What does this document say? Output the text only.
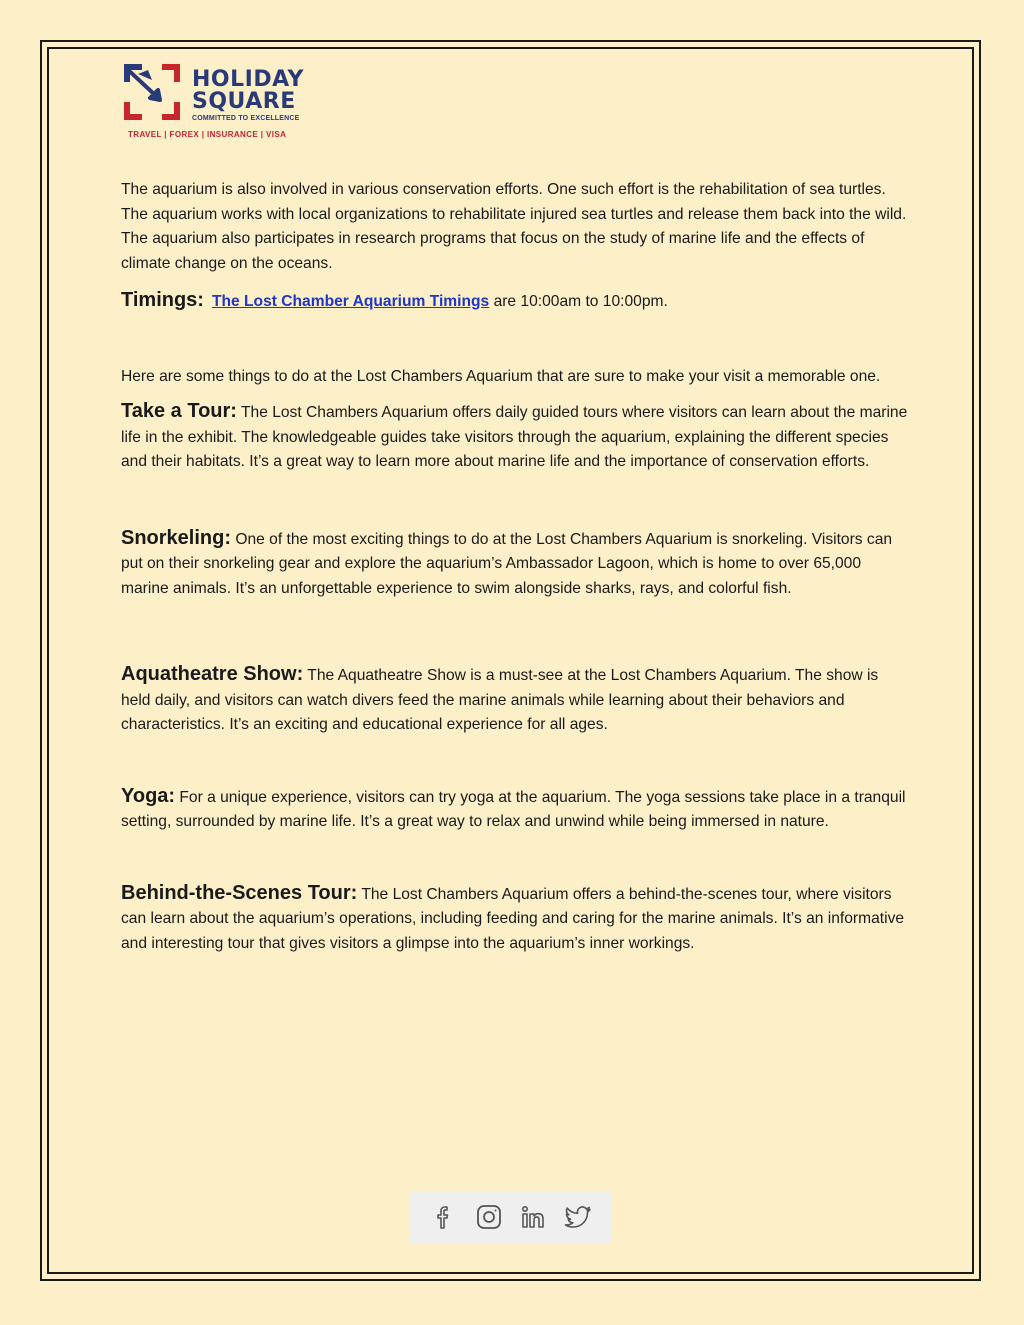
HOLIDAY
SQUARE
COMMITTED TO EXCELLENCE
TRAVEL | FOREX | INSURANCE | VISA

The aquarium is also involved in various conservation efforts. One such effort is the rehabilitation of sea turtles. The aquarium works with local organizations to rehabilitate injured sea turtles and release them back into the wild. The aquarium also participates in research programs that focus on the study of marine life and the effects of climate change on the oceans.

Timings: The Lost Chamber Aquarium Timings are 10:00am to 10:00pm.

Here are some things to do at the Lost Chambers Aquarium that are sure to make your visit a memorable one.

Take a Tour: The Lost Chambers Aquarium offers daily guided tours where visitors can learn about the marine life in the exhibit. The knowledgeable guides take visitors through the aquarium, explaining the different species and their habitats. It’s a great way to learn more about marine life and the importance of conservation efforts.

Snorkeling: One of the most exciting things to do at the Lost Chambers Aquarium is snorkeling. Visitors can put on their snorkeling gear and explore the aquarium’s Ambassador Lagoon, which is home to over 65,000 marine animals. It’s an unforgettable experience to swim alongside sharks, rays, and colorful fish.

Aquatheatre Show: The Aquatheatre Show is a must-see at the Lost Chambers Aquarium. The show is held daily, and visitors can watch divers feed the marine animals while learning about their behaviors and characteristics. It’s an exciting and educational experience for all ages.

Yoga: For a unique experience, visitors can try yoga at the aquarium. The yoga sessions take place in a tranquil setting, surrounded by marine life. It’s a great way to relax and unwind while being immersed in nature.

Behind-the-Scenes Tour: The Lost Chambers Aquarium offers a behind-the-scenes tour, where visitors can learn about the aquarium’s operations, including feeding and caring for the marine animals. It’s an informative and interesting tour that gives visitors a glimpse into the aquarium’s inner workings.
